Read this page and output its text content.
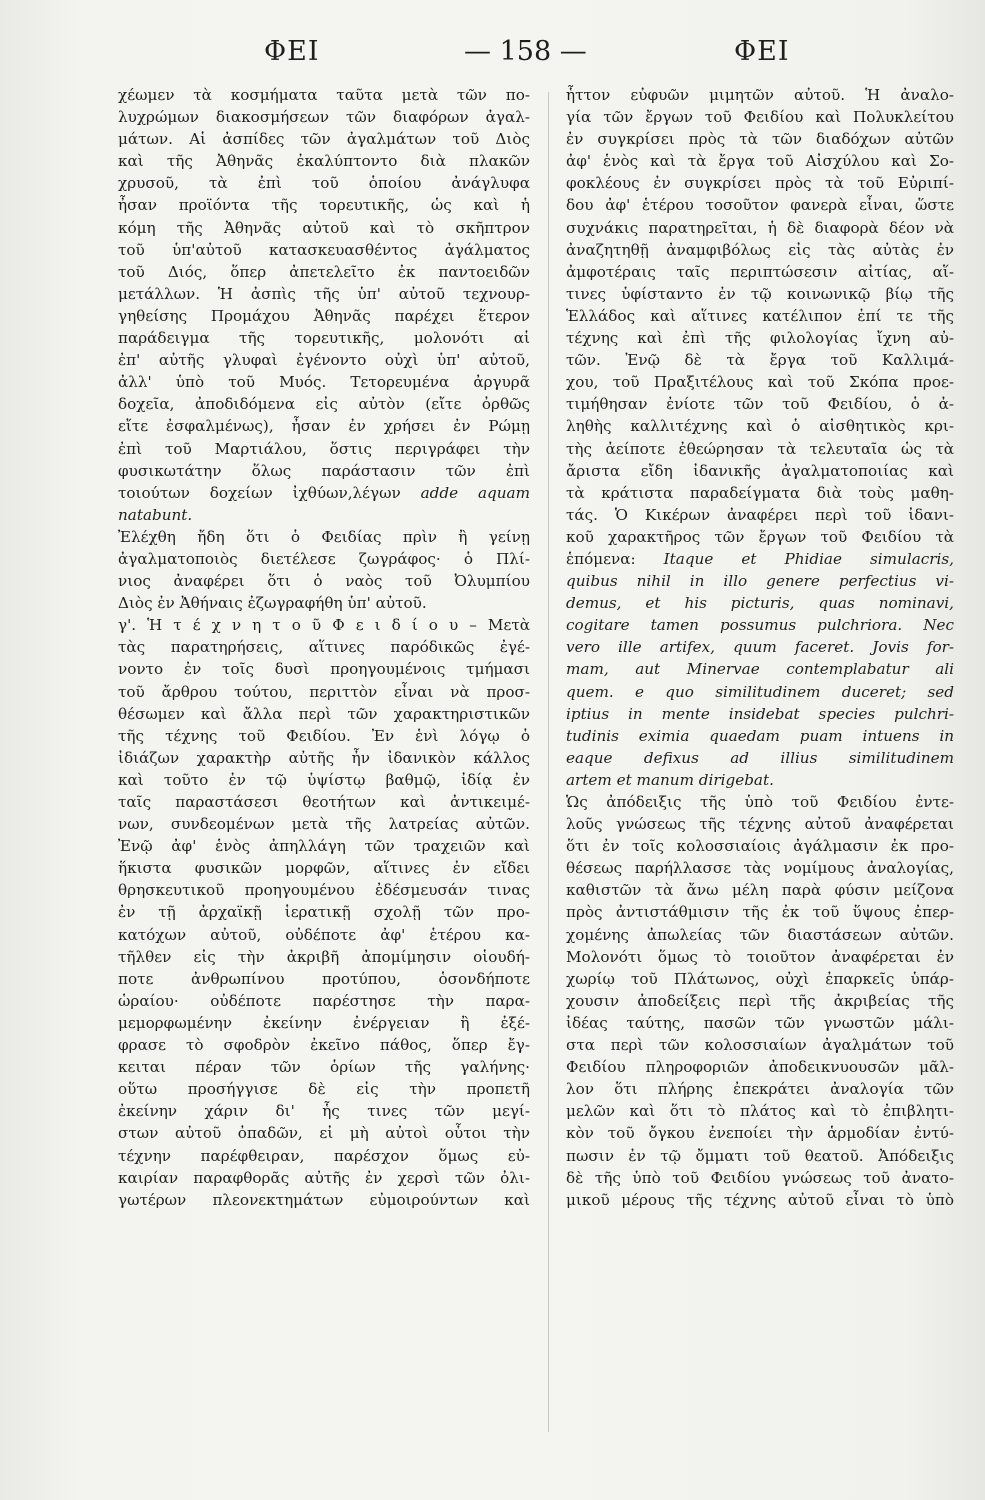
ΦΕΙ	— 158 —	ΦΕΙ
χέωμεν τὰ κοσμήματα ταῦτα μετὰ τῶν πο-
λυχρώμων διακοσμήσεων τῶν διαφόρων ἀγαλ-
μάτων. Αἱ ἀσπίδες τῶν ἀγαλμάτων τοῦ Διὸς
καὶ τῆς Ἀθηνᾶς ἐκαλύπτοντο διὰ πλακῶν
χρυσοῦ, τὰ ἐπὶ τοῦ ὁποίου ἀνάγλυφα
ἦσαν προϊόντα τῆς τορευτικῆς, ὡς καὶ ἡ
κόμη τῆς Ἀθηνᾶς αὐτοῦ καὶ τὸ σκῆπτρον
τοῦ ὑπ'αὐτοῦ κατασκευασθέντος ἀγάλματος
τοῦ Διός, ὅπερ ἀπετελεῖτο ἐκ παντοειδῶν
μετάλλων. Ἡ ἀσπὶς τῆς ὑπ' αὐτοῦ τεχνουρ-
γηθείσης Προμάχου Ἀθηνᾶς παρέχει ἕτερον
παράδειγμα τῆς τορευτικῆς, μολονότι αἱ
ἐπ' αὐτῆς γλυφαὶ ἐγένοντο οὐχὶ ὑπ' αὐτοῦ,
ἀλλ' ὑπὸ τοῦ Μυός. Τετορευμένα ἀργυρᾶ
δοχεῖα, ἀποδιδόμενα εἰς αὐτὸν (εἴτε ὀρθῶς
εἴτε ἐσφαλμένως), ἦσαν ἐν χρήσει ἐν Ρώμῃ
ἐπὶ τοῦ Μαρτιάλου, ὅστις περιγράφει τὴν
φυσικωτάτην ὅλως παράστασιν τῶν ἐπὶ
τοιούτων δοχείων ἰχθύων,λέγων adde aquam
natabunt.
Ἐλέχθη ἤδη ὅτι ὁ Φειδίας πρὶν ἢ γείνῃ
ἀγαλματοποιὸς διετέλεσε ζωγράφος· ὁ Πλί-
νιος ἀναφέρει ὅτι ὁ ναὸς τοῦ Ὀλυμπίου
Διὸς ἐν Ἀθήναις ἐζωγραφήθη ὑπ' αὐτοῦ.
γ'. Ἡ τ έ χ ν η τ ο ῦ Φ ε ι δ ί ο υ – Μετὰ
τὰς παρατηρήσεις, αἵτινες παρόδικῶς ἐγέ-
νοντο ἐν τοῖς δυσὶ προηγουμένοις τμήμασι
τοῦ ἄρθρου τούτου, περιττὸν εἶναι νὰ προσ-
θέσωμεν καὶ ἄλλα περὶ τῶν χαρακτηριστικῶν
τῆς τέχνης τοῦ Φειδίου. Ἐν ἑνὶ λόγῳ ὁ
ἰδιάζων χαρακτὴρ αὐτῆς ἦν ἰδανικὸν κάλλος
καὶ τοῦτο ἐν τῷ ὑψίστῳ βαθμῷ, ἰδίᾳ ἐν
ταῖς παραστάσεσι θεοτήτων καὶ ἀντικειμέ-
νων, συνδεομένων μετὰ τῆς λατρείας αὐτῶν.
Ἐνῷ ἀφ' ἑνὸς ἀπηλλάγη τῶν τραχειῶν καὶ
ἥκιστα φυσικῶν μορφῶν, αἵτινες ἐν εἴδει
θρησκευτικοῦ προηγουμένου ἐδέσμευσάν τινας
ἐν τῇ ἀρχαϊκῇ ἱερατικῇ σχολῇ τῶν προ-
κατόχων αὐτοῦ, οὐδέποτε ἀφ' ἑτέρου κα-
τῆλθεν εἰς τὴν ἀκριβῆ ἀπομίμησιν οἱουδή-
ποτε ἀνθρωπίνου προτύπου, ὁσονδήποτε
ὡραίου· οὐδέποτε παρέστησε τὴν παρα-
μεμορφωμένην ἐκείνην ἐνέργειαν ἢ ἐξέ-
φρασε τὸ σφοδρὸν ἐκεῖνο πάθος, ὅπερ ἔγ-
κειται πέραν τῶν ὁρίων τῆς γαλήνης·
οὕτω προσήγγισε δὲ εἰς τὴν προπετῆ
ἐκείνην χάριν δι' ἧς τινες τῶν μεγί-
στων αὐτοῦ ὀπαδῶν, εἰ μὴ αὐτοὶ οὗτοι τὴν
τέχνην παρέφθειραν, παρέσχον ὅμως εὐ-
καιρίαν παραφθορᾶς αὐτῆς ἐν χερσὶ τῶν ὀλι-
γωτέρων πλεονεκτημάτων εὐμοιρούντων καὶ
ἧττον εὐφυῶν μιμητῶν αὐτοῦ. Ἡ ἀναλο-
γία τῶν ἔργων τοῦ Φειδίου καὶ Πολυκλείτου
ἐν συγκρίσει πρὸς τὰ τῶν διαδόχων αὐτῶν
ἀφ' ἑνὸς καὶ τὰ ἔργα τοῦ Αἰσχύλου καὶ Σο-
φοκλέους ἐν συγκρίσει πρὸς τὰ τοῦ Εὐριπί-
δου ἀφ' ἑτέρου τοσοῦτον φανερὰ εἶναι, ὥστε
συχνάκις παρατηρεῖται, ἡ δὲ διαφορὰ δέον νὰ
ἀναζητηθῇ ἀναμφιβόλως εἰς τὰς αὐτὰς ἐν
ἀμφοτέραις ταῖς περιπτώσεσιν αἰτίας, αἵ-
τινες ὑφίσταντο ἐν τῷ κοινωνικῷ βίῳ τῆς
Ἑλλάδος καὶ αἵτινες κατέλιπον ἐπί τε τῆς
τέχνης καὶ ἐπὶ τῆς φιλολογίας ἴχνη αὐ-
τῶν. Ἐνῷ δὲ τὰ ἔργα τοῦ Καλλιμά-
χου, τοῦ Πραξιτέλους καὶ τοῦ Σκόπα προε-
τιμήθησαν ἐνίοτε τῶν τοῦ Φειδίου, ὁ ἀ-
ληθὴς καλλιτέχνης καὶ ὁ αἰσθητικὸς κρι-
τὴς ἀείποτε ἐθεώρησαν τὰ τελευταῖα ὡς τὰ
ἄριστα εἴδη ἰδανικῆς ἀγαλματοποιίας καὶ
τὰ κράτιστα παραδείγματα διὰ τοὺς μαθη-
τάς. Ὁ Κικέρων ἀναφέρει περὶ τοῦ ἰδανι-
κοῦ χαρακτῆρος τῶν ἔργων τοῦ Φειδίου τὰ
ἑπόμενα: Itaque et Phidiae simulacris,
quibus nihil in illo genere perfectius vi-
demus, et his picturis, quas nominavi,
cogitare tamen possumus pulchriora. Nec
vero ille artifex, quum faceret. Jovis for-
mam, aut Minervae contemplabatur ali
quem. e quo similitudinem duceret; sed
iptius in mente insidebat species pulchri-
tudinis eximia quaedam puam intuens in
eaque defixus ad illius similitudinem
artem et manum dirigebat.
Ὡς ἀπόδειξις τῆς ὑπὸ τοῦ Φειδίου ἐντε-
λοῦς γνώσεως τῆς τέχνης αὐτοῦ ἀναφέρεται
ὅτι ἐν τοῖς κολοσσιαίοις ἀγάλμασιν ἐκ προ-
θέσεως παρήλλασσε τὰς νομίμους ἀναλογίας,
καθιστῶν τὰ ἄνω μέλη παρὰ φύσιν μείζονα
πρὸς ἀντιστάθμισιν τῆς ἐκ τοῦ ὕψους ἐπερ-
χομένης ἀπωλείας τῶν διαστάσεων αὐτῶν.
Μολονότι ὅμως τὸ τοιοῦτον ἀναφέρεται ἐν
χωρίῳ τοῦ Πλάτωνος, οὐχὶ ἐπαρκεῖς ὑπάρ-
χουσιν ἀποδείξεις περὶ τῆς ἀκριβείας τῆς
ἰδέας ταύτης, πασῶν τῶν γνωστῶν μάλι-
στα περὶ τῶν κολοσσιαίων ἀγαλμάτων τοῦ
Φειδίου πληροφοριῶν ἀποδεικνυουσῶν μᾶλ-
λον ὅτι πλήρης ἐπεκράτει ἀναλογία τῶν
μελῶν καὶ ὅτι τὸ πλάτος καὶ τὸ ἐπιβλητι-
κὸν τοῦ ὄγκου ἐνεποίει τὴν ἁρμοδίαν ἐντύ-
πωσιν ἐν τῷ ὄμματι τοῦ θεατοῦ. Ἀπόδειξις
δὲ τῆς ὑπὸ τοῦ Φειδίου γνώσεως τοῦ ἀνατο-
μικοῦ μέρους τῆς τέχνης αὐτοῦ εἶναι τὸ ὑπὸ
